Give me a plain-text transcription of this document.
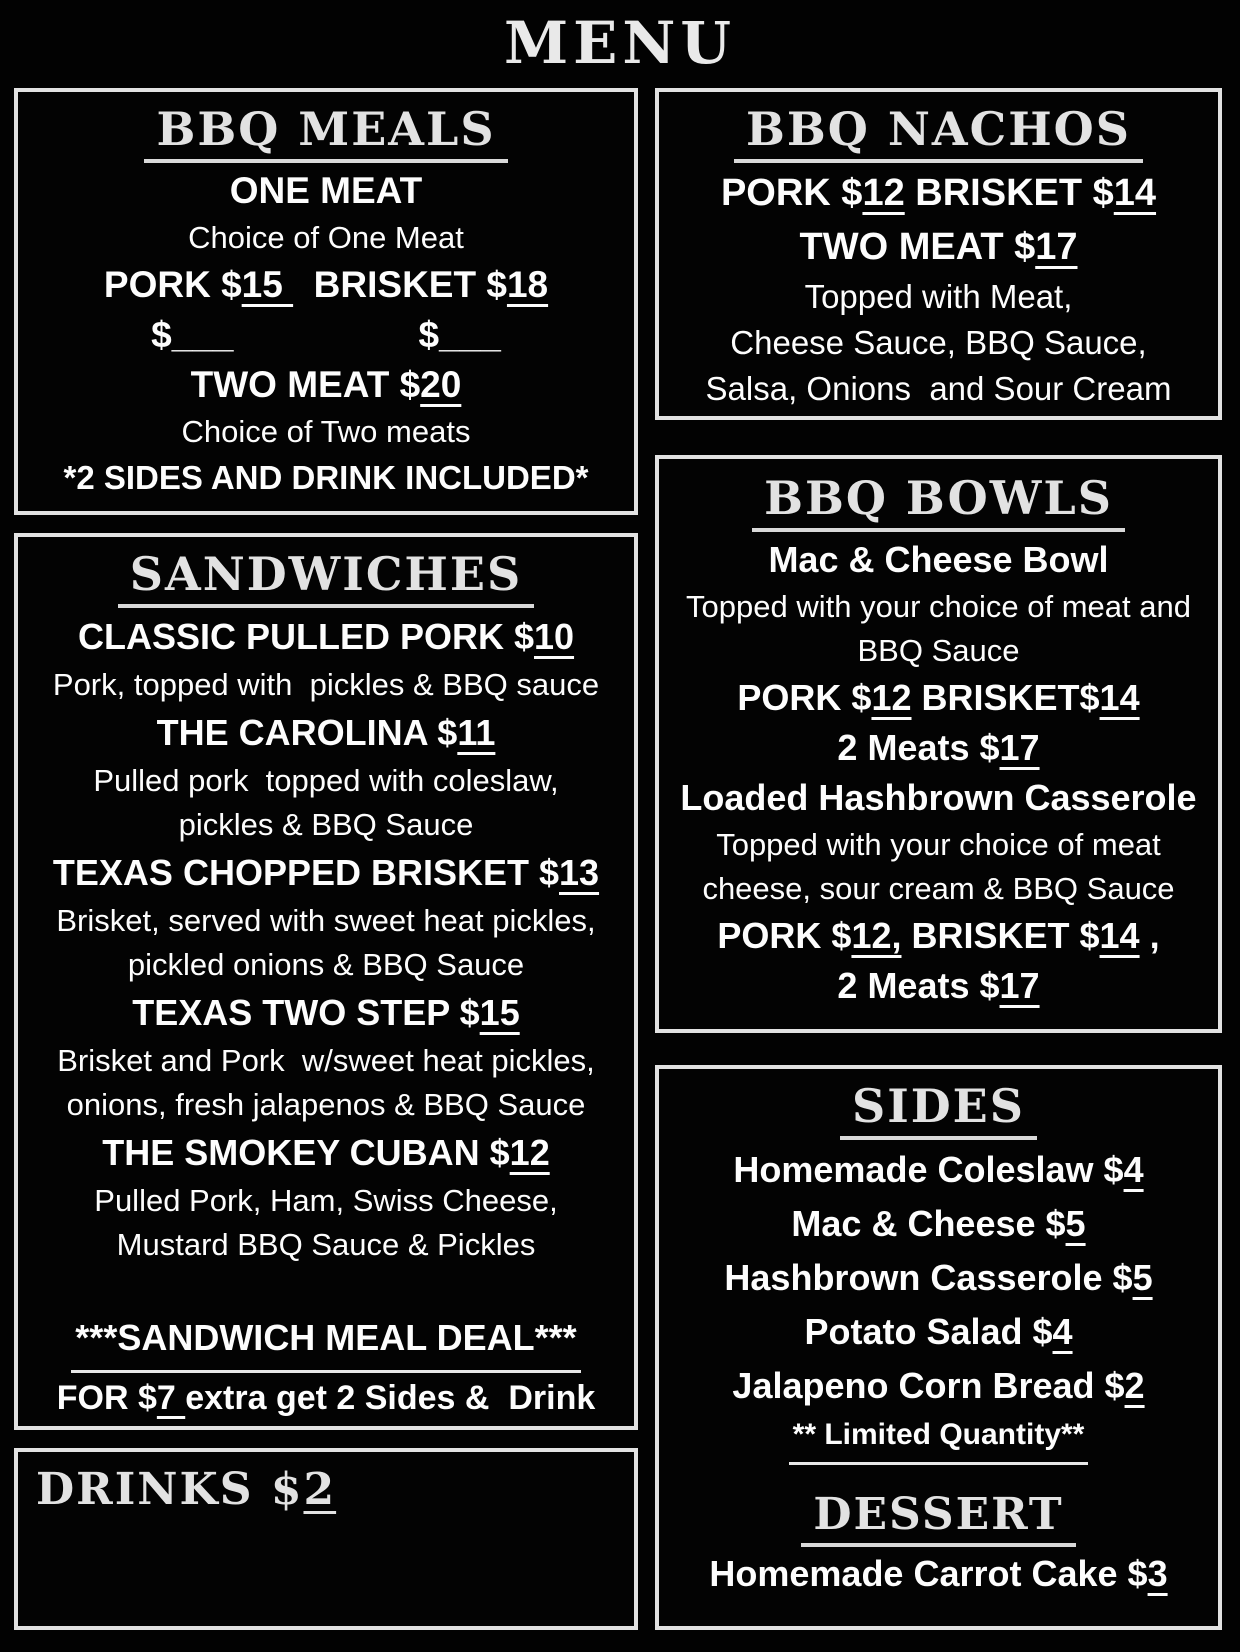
MENU
BBQ MEALS
ONE MEAT
Choice of One Meat
PORK $15   BRISKET $18
$___	$___
TWO MEAT $20
Choice of Two meats
*2 SIDES AND DRINK INCLUDED*
SANDWICHES
CLASSIC PULLED PORK $10
Pork, topped with  pickles & BBQ sauce
THE CAROLINA $11
Pulled pork  topped with coleslaw,
pickles & BBQ Sauce
TEXAS CHOPPED BRISKET $13
Brisket, served with sweet heat pickles,
pickled onions & BBQ Sauce
TEXAS TWO STEP $15
Brisket and Pork  w/sweet heat pickles,
onions, fresh jalapenos & BBQ Sauce
THE SMOKEY CUBAN $12
Pulled Pork, Ham, Swiss Cheese,
Mustard BBQ Sauce & Pickles
***SANDWICH MEAL DEAL***
FOR $7 extra get 2 Sides &  Drink
DRINKS $2
BBQ NACHOS
PORK $12 BRISKET $14
TWO MEAT $17
Topped with Meat,
Cheese Sauce, BBQ Sauce,
Salsa, Onions  and Sour Cream
BBQ BOWLS
Mac & Cheese Bowl
Topped with your choice of meat and
BBQ Sauce
PORK $12 BRISKET$14
2 Meats $17
Loaded Hashbrown Casserole
Topped with your choice of meat
cheese, sour cream & BBQ Sauce
PORK $12, BRISKET $14 ,
2 Meats $17
SIDES
Homemade Coleslaw $4
Mac & Cheese $5
Hashbrown Casserole $5
Potato Salad $4
Jalapeno Corn Bread $2
** Limited Quantity**
DESSERT
Homemade Carrot Cake $3
